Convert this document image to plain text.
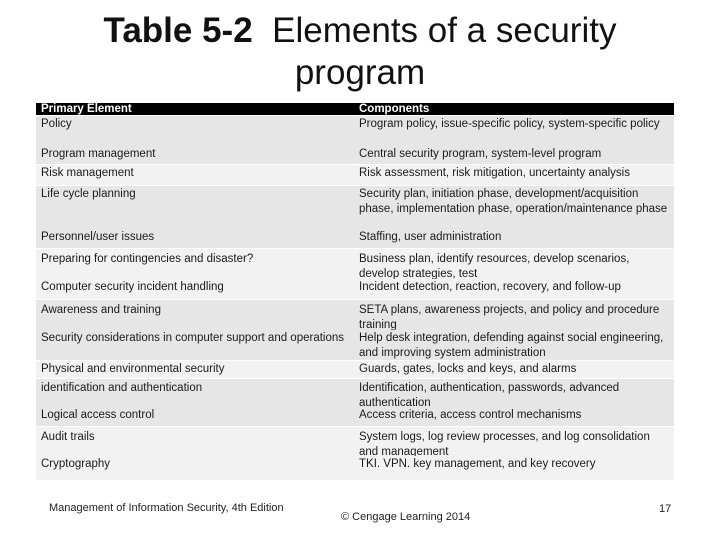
Table 5-2 Elements of a security
program
Primary Element	Components
Policy	Program policy, issue-specific policy, system-specific policy
Program management	Central security program, system-level program
Risk management	Risk assessment, risk mitigation, uncertainty analysis
Life cycle planning	Security plan, initiation phase, development/acquisition phase, implementation phase, operation/maintenance phase
Personnel/user issues	Staffing, user administration
Preparing for contingencies and disaster?	Business plan, identify resources, develop scenarios, develop strategies, test
Computer security incident handling	Incident detection, reaction, recovery, and follow-up
Awareness and training	SETA plans, awareness projects, and policy and procedure training
Security considerations in computer support and operations	Help desk integration, defending against social engineering, and improving system administration
Physical and environmental security	Guards, gates, locks and keys, and alarms
identification and authentication	Identification, authentication, passwords, advanced authentication
Logical access control	Access criteria, access control mechanisms
Audit trails	System logs, log review processes, and log consolidation and management
Cryptography	TKI. VPN. key management, and key recovery
Management of Information Security, 4th Edition
© Cengage Learning 2014
17
